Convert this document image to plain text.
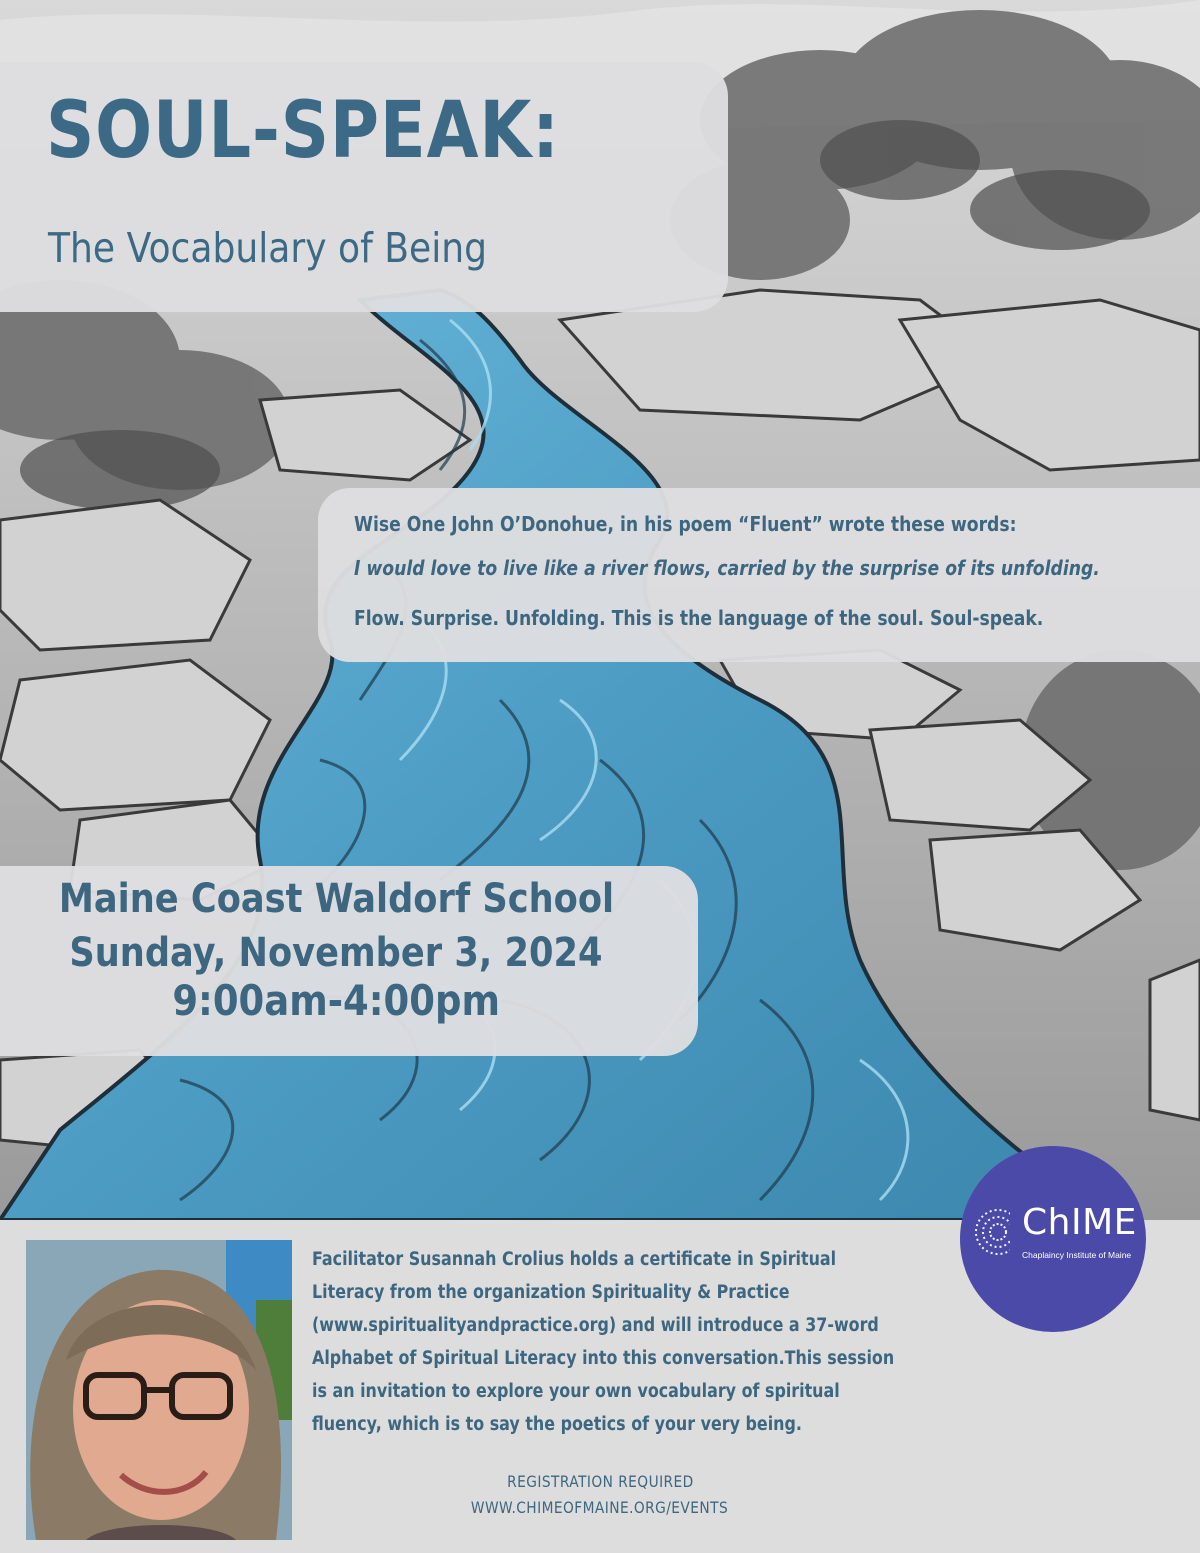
SOUL-SPEAK:
The Vocabulary of Being
Wise One John O’Donohue, in his poem “Fluent” wrote these words:
I would love to live like a river flows, carried by the surprise of its unfolding.
Flow. Surprise. Unfolding. This is the language of the soul. Soul-speak.
Maine Coast Waldorf School
Sunday, November 3, 2024
9:00am-4:00pm
ChIME
Chaplaincy Institute of Maine
Facilitator Susannah Crolius holds a certificate in Spiritual
Literacy from the organization Spirituality & Practice
(www.spiritualityandpractice.org) and will introduce a 37-word
Alphabet of Spiritual Literacy into this conversation.This session
is an invitation to explore your own vocabulary of spiritual
fluency, which is to say the poetics of your very being.
REGISTRATION REQUIRED
WWW.CHIMEOFMAINE.ORG/EVENTS
